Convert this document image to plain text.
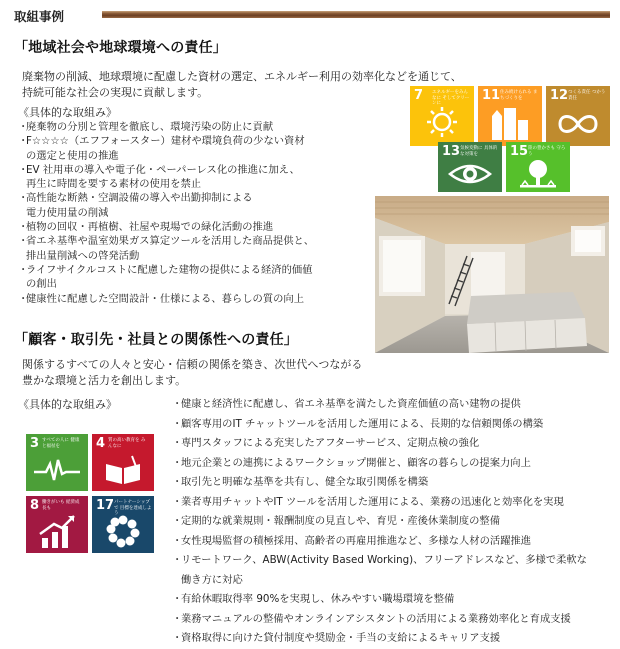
取組事例
「地域社会や地球環境への責任」
廃棄物の削減、地球環境に配慮した資材の選定、エネルギー利用の効率化などを通じて、
持続可能な社会の実現に貢献します。
《具体的な取組み》
・
廃棄物の分別と管理を徹底し、環境汚染の防止に貢献
・
F☆☆☆☆（エフフォースター）建材や環境負荷の少ない資材
の選定と使用の推進
・
EV 社用車の導入や電子化・ペーパーレス化の推進に加え、
再生に時間を要する素材の使用を禁止
・
高性能な断熱・空調設備の導入や出勤抑制による
電力使用量の削減
・
植物の回収・再植樹、社屋や現場での緑化活動の推進
・
省エネ基準や温室効果ガス算定ツールを活用した商品提供と、
排出量削減への啓発活動
・
ライフサイクルコストに配慮した建物の提供による経済的価値
の創出
・
健康性に配慮した空間設計・仕様による、暮らしの質の向上
7 エネルギーをみんなに そしてクリーンに
11 住み続けられる まちづくりを	12 つくる責任 つかう責任
13 気候変動に 具体的な対策を	15 陸の豊かさも 守ろう
「顧客・取引先・社員との関係性への責任」
関係するすべての人々と安心・信頼の関係を築き、次世代へつながる
豊かな環境と活力を創出します。
《具体的な取組み》	・
健康と経済性に配慮し、省エネ基準を満たした資産価値の高い建物の提供
・
顧客専用のIT チャットツールを活用した運用による、長期的な信頼関係の構築
・
専門スタッフによる充実したアフターサービス、定期点検の強化
・
地元企業との連携によるワークショップ開催と、顧客の暮らしの提案力向上
・
取引先と明確な基準を共有し、健全な取引関係を構築
・
業者専用チャットやIT ツールを活用した運用による、業務の迅速化と効率化を実現
・
定期的な就業規則・報酬制度の見直しや、育児・産後休業制度の整備
・
女性現場監督の積極採用、高齢者の再雇用推進など、多様な人材の活躍推進
・
リモートワーク、ABW(Activity Based Working)、フリーアドレスなど、多様で柔軟な
働き方に対応
・
有給休暇取得率 90%を実現し、休みやすい職場環境を整備
・
業務マニュアルの整備やオンラインアシスタントの活用による業務効率化と育成支援
・
資格取得に向けた貸付制度や奨励金・手当の支給によるキャリア支援
3 すべての人に 健康と福祉を	4 質の高い教育を みんなに
8 働きがいも 経済成長も	17 パートナーシップで 目標を達成しよう
